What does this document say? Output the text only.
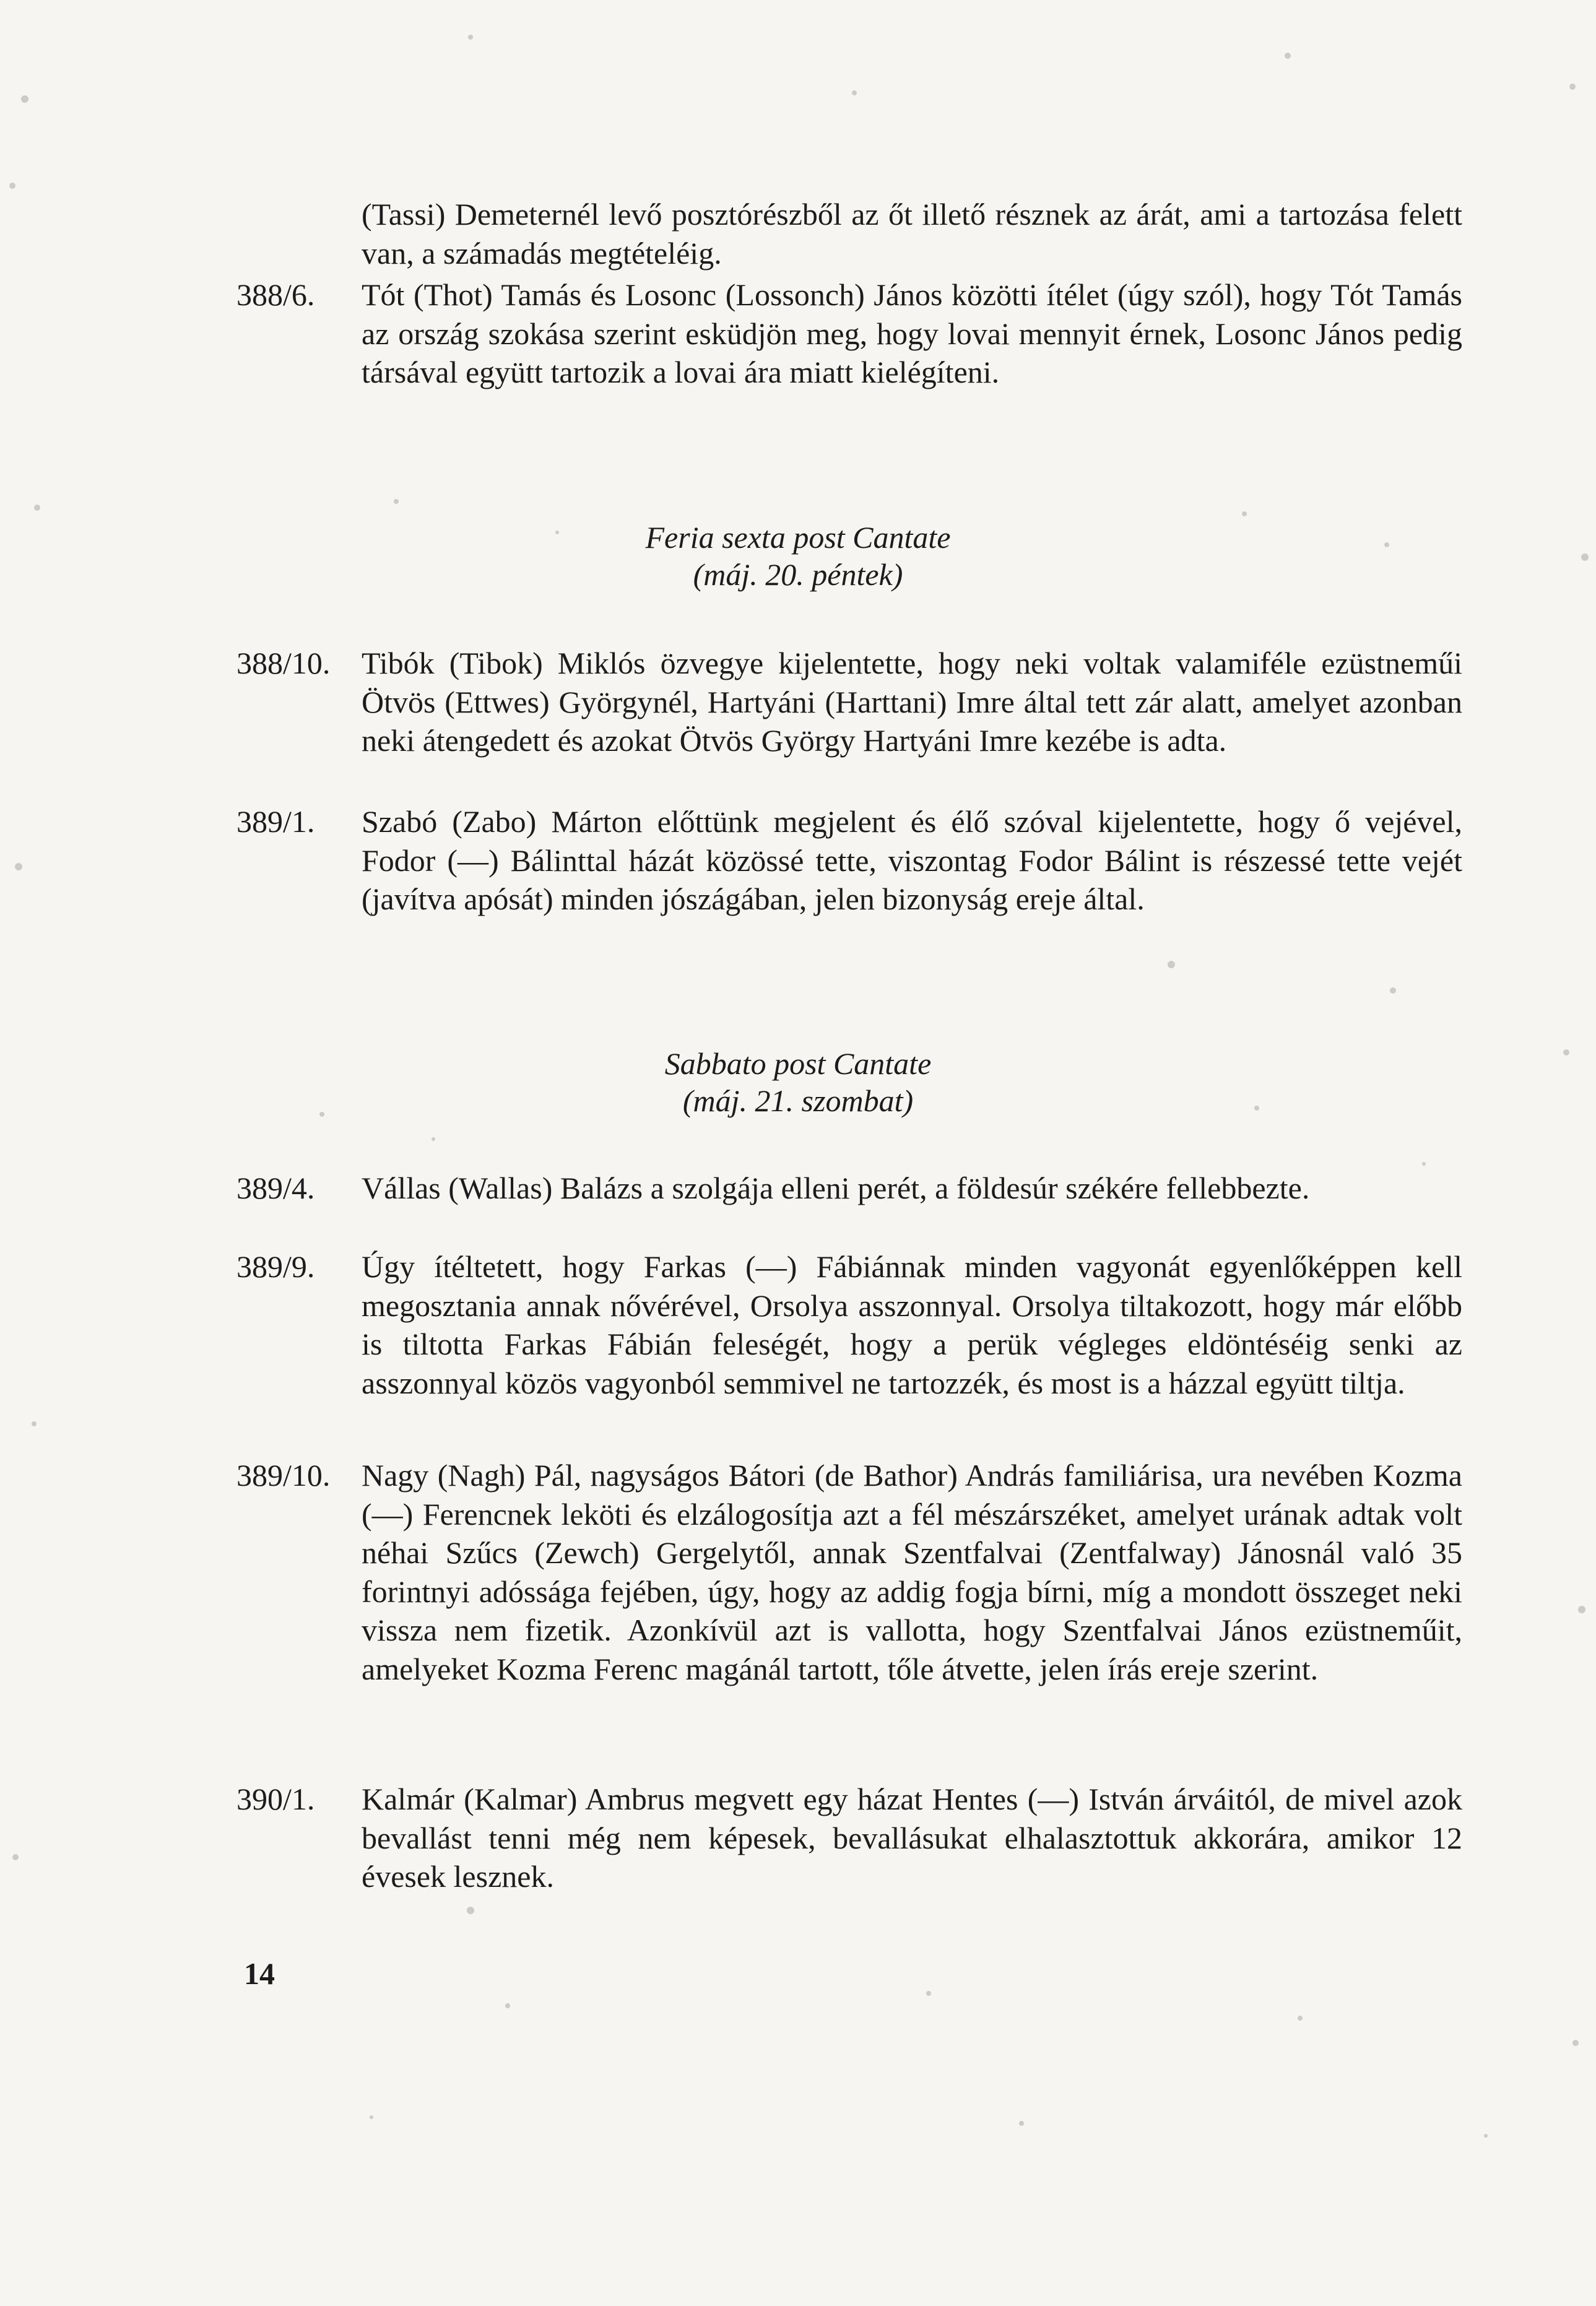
(Tassi) Demeternél levő posztórészből az őt illető résznek az árát, ami a tartozása felett van, a számadás megtételéig.
388/6.	Tót (Thot) Tamás és Losonc (Lossonch) János közötti ítélet (úgy szól), hogy Tót Tamás az ország szokása szerint esküdjön meg, hogy lovai mennyit érnek, Losonc János pedig társával együtt tartozik a lovai ára miatt kielégíteni.
Feria sexta post Cantate
(máj. 20. péntek)
388/10.	Tibók (Tibok) Miklós özvegye kijelentette, hogy neki voltak valamiféle ezüstneműi Ötvös (Ettwes) Györgynél, Hartyáni (Harttani) Imre által tett zár alatt, amelyet azonban neki átengedett és azokat Ötvös György Hartyáni Imre kezébe is adta.
389/1.	Szabó (Zabo) Márton előttünk megjelent és élő szóval kijelentette, hogy ő vejével, Fodor (—) Bálinttal házát közössé tette, viszontag Fodor Bálint is részessé tette vejét (javítva apósát) minden jószágában, jelen bizonyság ereje által.
Sabbato post Cantate
(máj. 21. szombat)
389/4.	Vállas (Wallas) Balázs a szolgája elleni perét, a földesúr székére fellebbezte.
389/9.	Úgy ítéltetett, hogy Farkas (—) Fábiánnak minden vagyonát egyenlőképpen kell megosztania annak nővérével, Orsolya asszonnyal. Orsolya tiltakozott, hogy már előbb is tiltotta Farkas Fábián feleségét, hogy a perük végleges eldöntéséig senki az asszonnyal közös vagyonból semmivel ne tartozzék, és most is a házzal együtt tiltja.
389/10.	Nagy (Nagh) Pál, nagyságos Bátori (de Bathor) András familiárisa, ura nevében Kozma (—) Ferencnek leköti és elzálogosítja azt a fél mészárszéket, amelyet urának adtak volt néhai Szűcs (Zewch) Gergelytől, annak Szentfalvai (Zentfalway) Jánosnál való 35 forintnyi adóssága fejében, úgy, hogy az addig fogja bírni, míg a mondott összeget neki vissza nem fizetik. Azonkívül azt is vallotta, hogy Szentfalvai János ezüstneműit, amelyeket Kozma Ferenc magánál tartott, tőle átvette, jelen írás ereje szerint.
390/1.	Kalmár (Kalmar) Ambrus megvett egy házat Hentes (—) István árváitól, de mivel azok bevallást tenni még nem képesek, bevallásukat elhalasztottuk akkorára, amikor 12 évesek lesznek.
14
